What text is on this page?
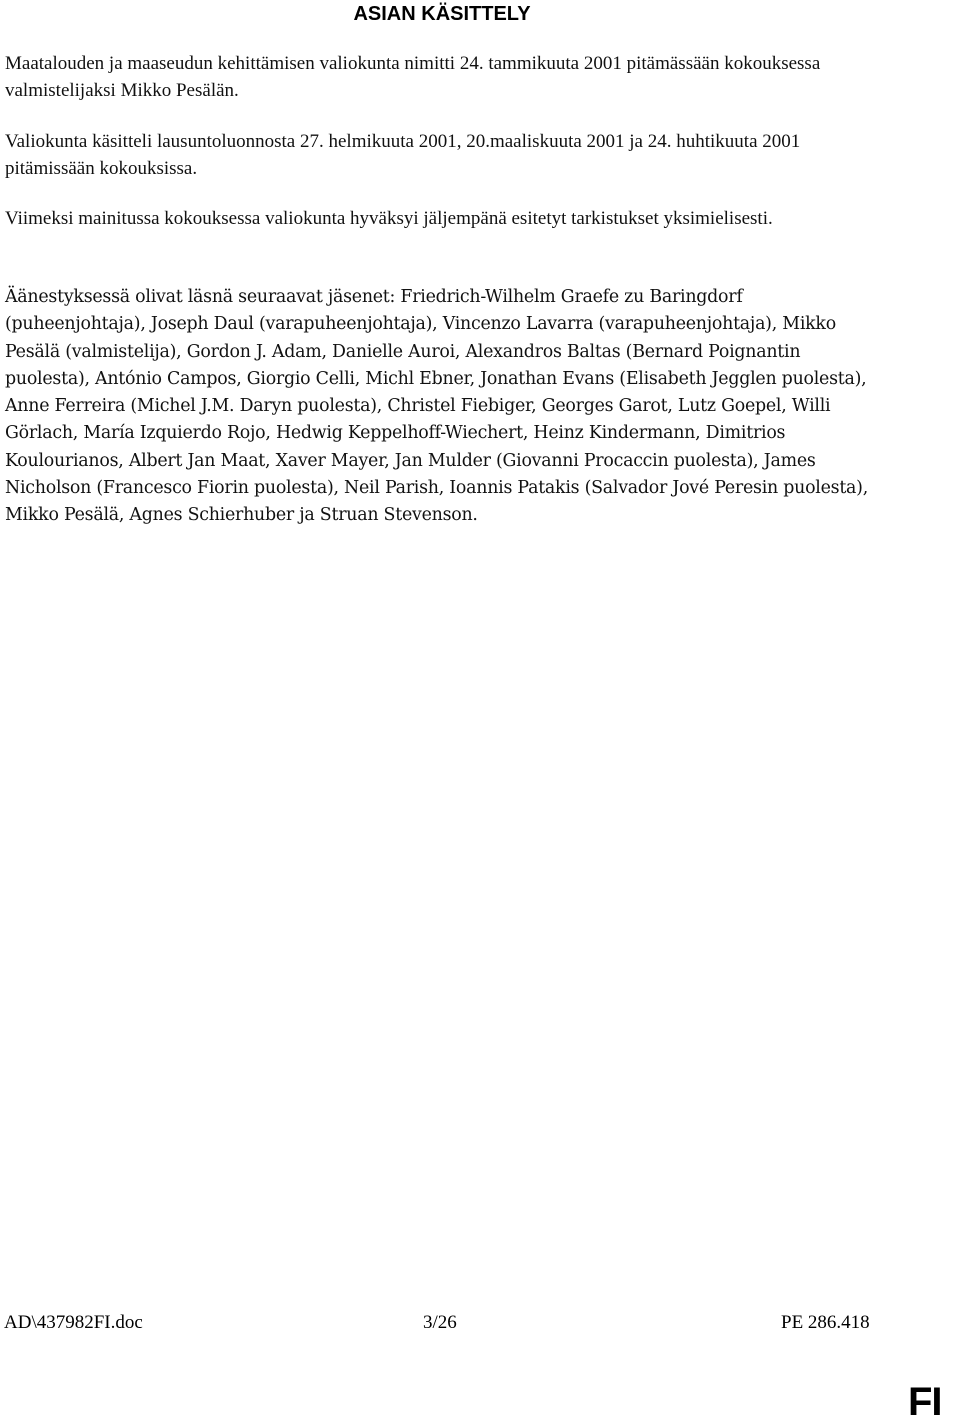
ASIAN KÄSITTELY

Maatalouden ja maaseudun kehittämisen valiokunta nimitti 24. tammikuuta 2001 pitämässään kokouksessa valmistelijaksi Mikko Pesälän.

Valiokunta käsitteli lausuntoluonnosta 27. helmikuuta 2001, 20.maaliskuuta 2001 ja 24. huhtikuuta 2001 pitämissään kokouksissa.

Viimeksi mainitussa kokouksessa valiokunta hyväksyi jäljempänä esitetyt tarkistukset yksimielisesti.

Äänestyksessä olivat läsnä seuraavat jäsenet: Friedrich-Wilhelm Graefe zu Baringdorf (puheenjohtaja), Joseph Daul (varapuheenjohtaja), Vincenzo Lavarra (varapuheenjohtaja), Mikko Pesälä (valmistelija), Gordon J. Adam, Danielle Auroi, Alexandros Baltas (Bernard Poignantin puolesta), António Campos, Giorgio Celli, Michl Ebner, Jonathan Evans (Elisabeth Jegglen puolesta), Anne Ferreira (Michel J.M. Daryn puolesta), Christel Fiebiger, Georges Garot, Lutz Goepel, Willi Görlach, María Izquierdo Rojo, Hedwig Keppelhoff-Wiechert, Heinz Kindermann, Dimitrios Koulourianos, Albert Jan Maat, Xaver Mayer, Jan Mulder (Giovanni Procaccin puolesta), James Nicholson (Francesco Fiorin puolesta), Neil Parish, Ioannis Patakis (Salvador Jové Peresin puolesta), Mikko Pesälä, Agnes Schierhuber ja Struan Stevenson.

AD\437982FI.doc	3/26	PE 286.418
FI
